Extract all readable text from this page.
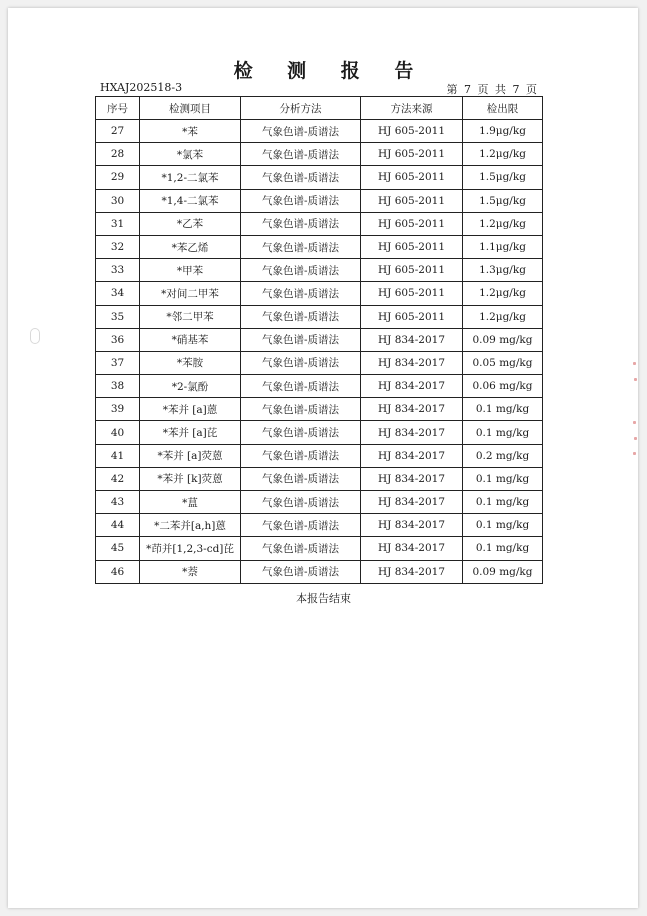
检 测 报 告
HXAJ202518-3	第 7 页 共 7 页
序号	检测项目	分析方法	方法来源	检出限
27	*苯	气象色谱-质谱法	HJ 605-2011	1.9μg/kg
28	*氯苯	气象色谱-质谱法	HJ 605-2011	1.2μg/kg
29	*1,2-二氯苯	气象色谱-质谱法	HJ 605-2011	1.5μg/kg
30	*1,4-二氯苯	气象色谱-质谱法	HJ 605-2011	1.5μg/kg
31	*乙苯	气象色谱-质谱法	HJ 605-2011	1.2μg/kg
32	*苯乙烯	气象色谱-质谱法	HJ 605-2011	1.1μg/kg
33	*甲苯	气象色谱-质谱法	HJ 605-2011	1.3μg/kg
34	*对间二甲苯	气象色谱-质谱法	HJ 605-2011	1.2μg/kg
35	*邻二甲苯	气象色谱-质谱法	HJ 605-2011	1.2μg/kg
36	*硝基苯	气象色谱-质谱法	HJ 834-2017	0.09 mg/kg
37	*苯胺	气象色谱-质谱法	HJ 834-2017	0.05 mg/kg
38	*2-氯酚	气象色谱-质谱法	HJ 834-2017	0.06 mg/kg
39	*苯并 [a]蒽	气象色谱-质谱法	HJ 834-2017	0.1 mg/kg
40	*苯并 [a]芘	气象色谱-质谱法	HJ 834-2017	0.1 mg/kg
41	*苯并 [a]荧蒽	气象色谱-质谱法	HJ 834-2017	0.2 mg/kg
42	*苯并 [k]荧蒽	气象色谱-质谱法	HJ 834-2017	0.1 mg/kg
43	*蒀	气象色谱-质谱法	HJ 834-2017	0.1 mg/kg
44	*二苯并[a,h]蒽	气象色谱-质谱法	HJ 834-2017	0.1 mg/kg
45	*茚并[1,2,3-cd]芘	气象色谱-质谱法	HJ 834-2017	0.1 mg/kg
46	*萘	气象色谱-质谱法	HJ 834-2017	0.09 mg/kg
本报告结束
